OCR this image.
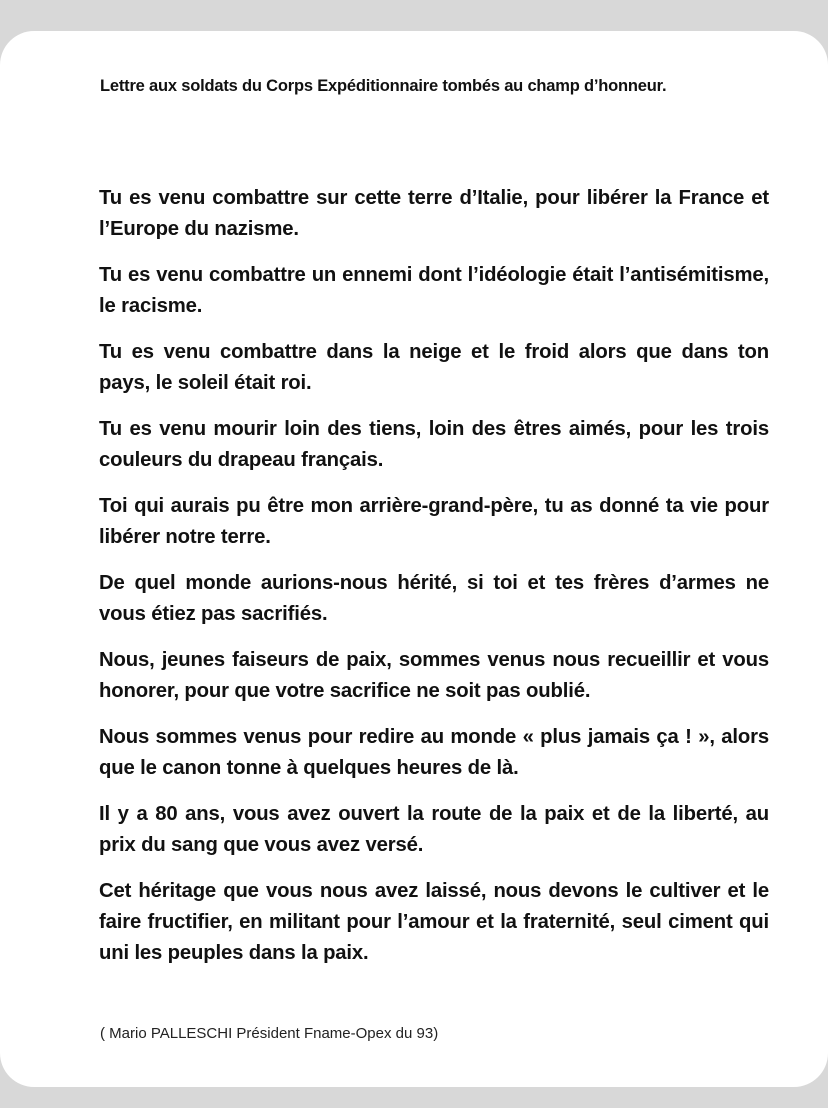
Lettre aux soldats du Corps Expéditionnaire tombés au champ d’honneur.

Tu es venu combattre sur cette terre d’Italie, pour libérer la France et l’Europe du nazisme.

Tu es venu combattre un ennemi dont l’idéologie était l’antisémitisme, le racisme.

Tu es venu combattre dans la neige et le froid alors que dans ton pays, le soleil était roi.

Tu es venu mourir loin des tiens, loin des êtres aimés, pour les trois couleurs du drapeau français.

Toi qui aurais pu être mon arrière-grand-père, tu as donné ta vie pour libérer notre terre.

De quel monde aurions-nous hérité, si toi et tes frères d’armes ne vous étiez pas sacrifiés.

Nous, jeunes faiseurs de paix, sommes venus nous recueillir et vous honorer, pour que votre sacrifice ne soit pas oublié.

Nous sommes venus pour redire au monde « plus jamais ça ! », alors que le canon tonne à quelques heures de là.

Il y a 80 ans, vous avez ouvert la route de la paix et de la liberté, au prix du sang que vous avez versé.

Cet héritage que vous nous avez laissé, nous devons le cultiver et le faire fructifier, en militant pour l’amour et la fraternité, seul ciment qui uni les peuples dans la paix.

( Mario PALLESCHI Président Fname-Opex du 93)
